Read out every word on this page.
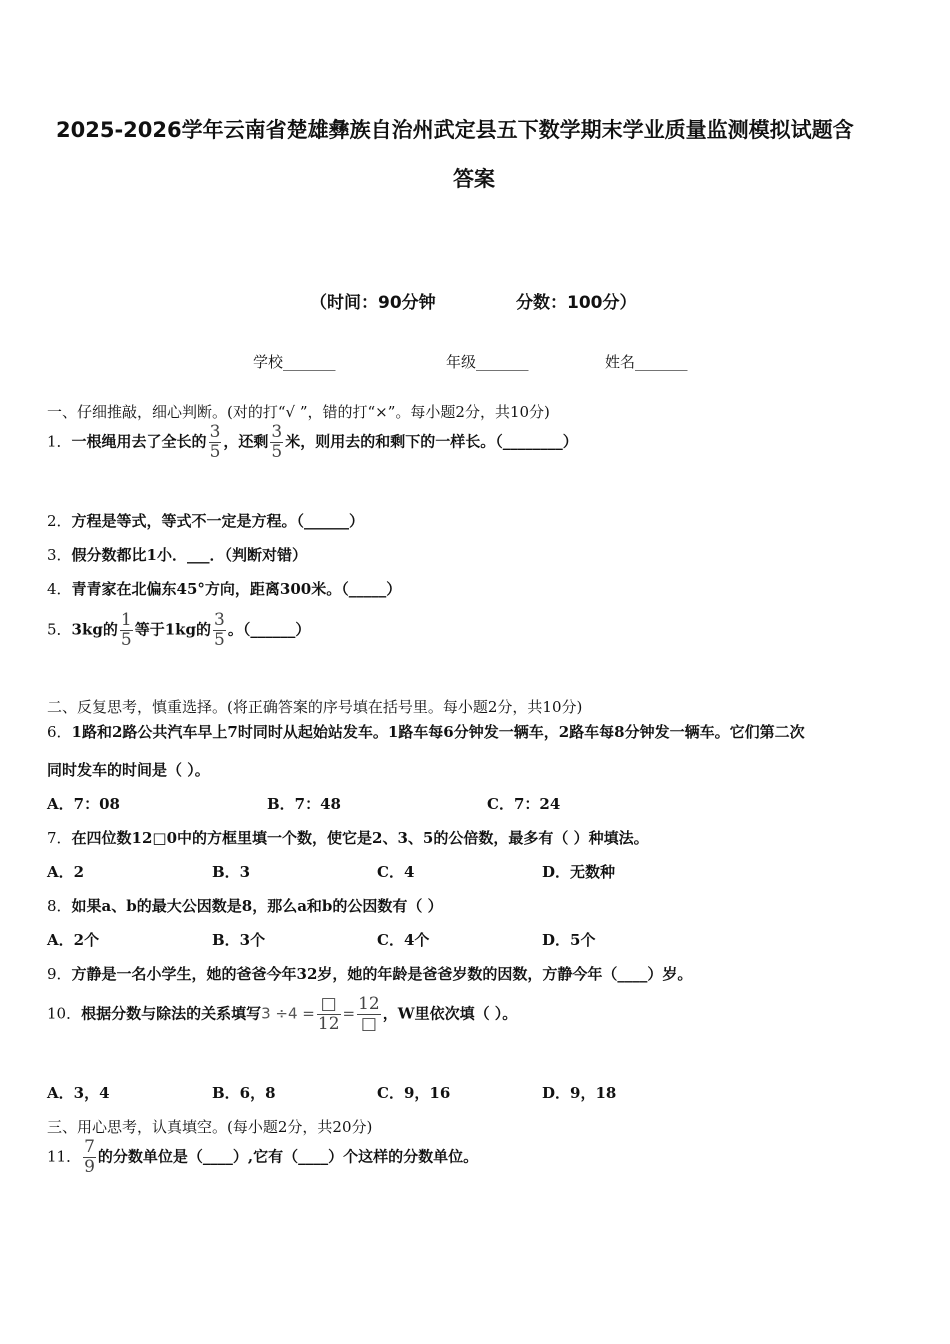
2025-2026学年云南省楚雄彝族自治州武定县五下数学期末学业质量监测模拟试题含
答案
（时间：90分钟	分数：100分）
学校_______	年级_______	姓名_______
一、仔细推敲，细心判断。(对的打“√ ”，错的打“×”。每小题2分，共10分)
1．一根绳用去了全长的 $\frac{3}{5}$ ，还剩 $\frac{3}{5}$ 米，则用去的和剩下的一样长。（________）
2．方程是等式，等式不一定是方程。（______）
3．假分数都比1小．___．（判断对错）
4．青青家在北偏东45°方向，距离300米。（_____）
5．3kg的 $\frac{1}{5}$ 等于1kg的 $\frac{3}{5}$ 。（______）
二、反复思考，慎重选择。(将正确答案的序号填在括号里。每小题2分，共10分)
6．1路和2路公共汽车早上7时同时从起始站发车。1路车每6分钟发一辆车，2路车每8分钟发一辆车。它们第二次
同时发车的时间是（ ）。
A．7：08	B．7：48	C．7：24
7．在四位数12□0中的方框里填一个数，使它是2、3、5的公倍数，最多有（ ）种填法。
A．2	B．3	C．4	D．无数种
8．如果a、b的最大公因数是8，那么a和b的公因数有（ ）
A．2个	B．3个	C．4个	D．5个
9．方静是一名小学生，她的爸爸今年32岁，她的年龄是爸爸岁数的因数，方静今年（____）岁。
10．根据分数与除法的关系填写$3 \div 4 = \frac{□}{12} = \frac{12}{□}$ ，W里依次填（ ）。
A．3，4	B．6，8	C．9，16	D．9，18
三、用心思考，认真填空。(每小题2分，共20分)
11． $\frac{7}{9}$ 的分数单位是（____）,它有（____）个这样的分数单位。
